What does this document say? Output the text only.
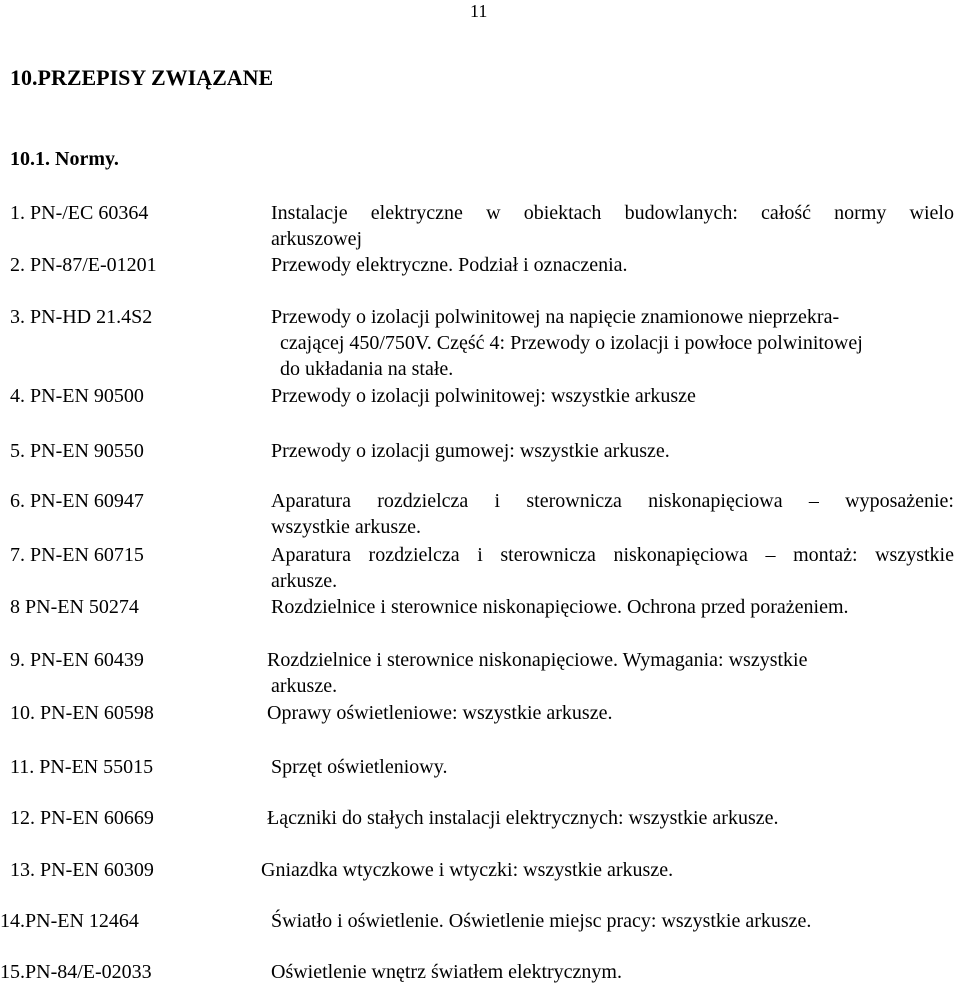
11
10.PRZEPISY ZWIĄZANE
10.1. Normy.
1. PN-/EC 60364	Instalacje elektryczne w obiektach budowlanych: całość normy wielo
arkuszowej
2. PN-87/E-01201	Przewody elektryczne. Podział i oznaczenia.
3. PN-HD 21.4S2	Przewody o izolacji polwinitowej na napięcie znamionowe nieprzekra-
czającej 450/750V. Część 4: Przewody o izolacji i powłoce polwinitowej
do układania na stałe.
4. PN-EN 90500	Przewody o izolacji polwinitowej: wszystkie arkusze
5. PN-EN 90550	Przewody o izolacji gumowej: wszystkie arkusze.
6. PN-EN 60947	Aparatura rozdzielcza i sterownicza niskonapięciowa – wyposażenie:
wszystkie arkusze.
7. PN-EN 60715	Aparatura rozdzielcza i sterownicza niskonapięciowa – montaż: wszystkie
arkusze.
8 PN-EN 50274	Rozdzielnice i sterownice niskonapięciowe. Ochrona przed porażeniem.
9. PN-EN 60439	Rozdzielnice i sterownice niskonapięciowe. Wymagania: wszystkie
arkusze.
10. PN-EN 60598	Oprawy oświetleniowe: wszystkie arkusze.
11. PN-EN 55015	Sprzęt oświetleniowy.
12. PN-EN 60669	Łączniki do stałych instalacji elektrycznych: wszystkie arkusze.
13. PN-EN 60309	Gniazdka wtyczkowe i wtyczki: wszystkie arkusze.
14.PN-EN 12464	Światło i oświetlenie. Oświetlenie miejsc pracy: wszystkie arkusze.
15.PN-84/E-02033	Oświetlenie wnętrz światłem elektrycznym.
